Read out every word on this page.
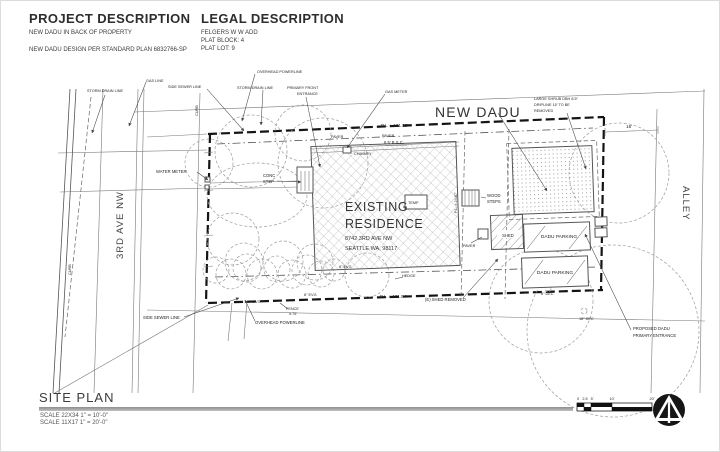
PROJECT DESCRIPTION
NEW DADU IN BACK OF PROPERTY
NEW DADU DESIGN PER STANDARD PLAN 6832766-SP
LEGAL DESCRIPTION
FELGERS W W ADD
PLAT BLOCK: 4
PLAT LOT: 9
GAS LINE
STORM DRAIN LINE
SIDE SEWER LINE
OVERHEAD POWERLINE
STORM DRAIN LINE	PRIMARY FRONT
ENTRANCE	GAS METER
NEW DADU
LARGE SHRUB DBH 8.5"
DRIPLINE 15' TO BE
REMOVED
P.L. ± 121.33'	16'
WATER METER
CONC
STEP
PAVER	PAVER
6.5' B.S.C.
CHIMNEY
EXISTING
RESIDENCE
8742 3RD AVE NW
SEATTLE WA, 98117
TEMP
WOOD
STEPS
P.L. ± 24.87'
SHED
PAVER
DADU PARKING
DADU PARKING
HEDGE
8" EVG
8" EVG
4" EVG
FENCE
5.75'
P.L. ± 121.54'
(E) SHED REMOVED
8" DEC
18" DEC
SIDE SEWER LINE
OVERHEAD POWERLINE
PROPOSED DADU
PRIMARY ENTRANCE
3RD AVE NW	ALLEY
CURB
CURB
0 2.5 5'	10'	20'
SITE PLAN
SCALE 22X34 1" = 10'-0"
SCALE 11X17 1" = 20'-0"
